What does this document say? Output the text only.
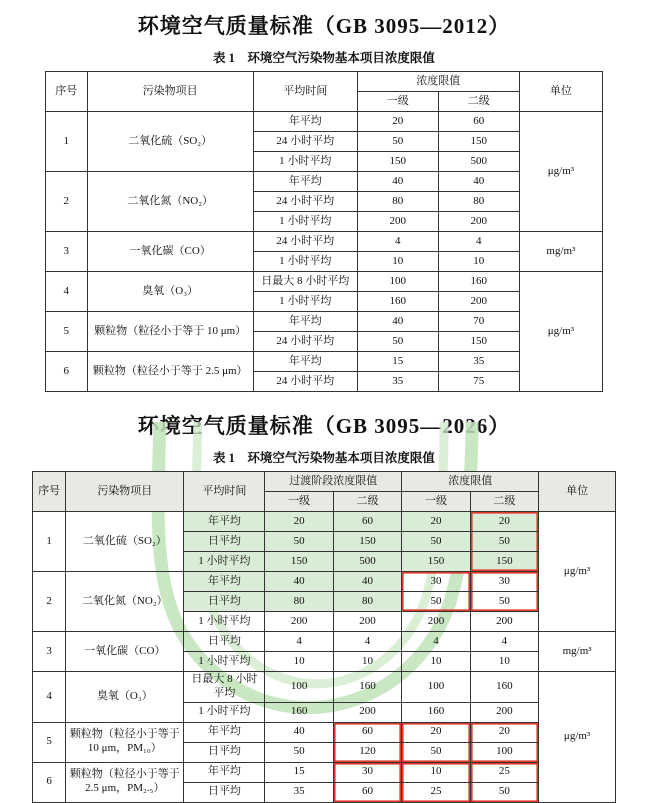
环境空气质量标准（GB 3095—2012）
表 1　环境空气污染物基本项目浓度限值
序号	污染物项目	平均时间	浓度限值		单位
			一级	二级	
1	二氧化硫（SO₂）	年平均	20	60	μg/m³
		24 小时平均	50	150	
		1 小时平均	150	500	
2	二氧化氮（NO₂）	年平均	40	40	
		24 小时平均	80	80	
		1 小时平均	200	200	
3	一氧化碳（CO）	24 小时平均	4	4	mg/m³
		1 小时平均	10	10	
4	臭氧（O₃）	日最大 8 小时平均	100	160	μg/m³
		1 小时平均	160	200	
5	颗粒物（粒径小于等于 10 μm）	年平均	40	70	
		24 小时平均	50	150	
6	颗粒物（粒径小于等于 2.5 μm）	年平均	15	35	
		24 小时平均	35	75	
环境空气质量标准（GB 3095—2026）
表 1　环境空气污染物基本项目浓度限值
序号	污染物项目	平均时间	过渡阶段浓度限值		浓度限值		单位
			一级	二级	一级	二级	
1	二氧化硫（SO₂）	年平均	20	60	20	20	μg/m³
		日平均	50	150	50	50	
		1 小时平均	150	500	150	150	
2	二氧化氮（NO₂）	年平均	40	40	30	30	
		日平均	80	80	50	50	
		1 小时平均	200	200	200	200	
3	一氧化碳（CO）	日平均	4	4	4	4	mg/m³
		1 小时平均	10	10	10	10	
4	臭氧（O₃）	日最大 8 小时平均	100	160	100	160	μg/m³
		1 小时平均	160	200	160	200	
5	颗粒物（粒径小于等于 10 μm，PM₁₀）	年平均	40	60	20	20	
		日平均	50	120	50	100	
6	颗粒物（粒径小于等于 2.5 μm，PM₂.₅）	年平均	15	30	10	25	
		日平均	35	60	25	50	
